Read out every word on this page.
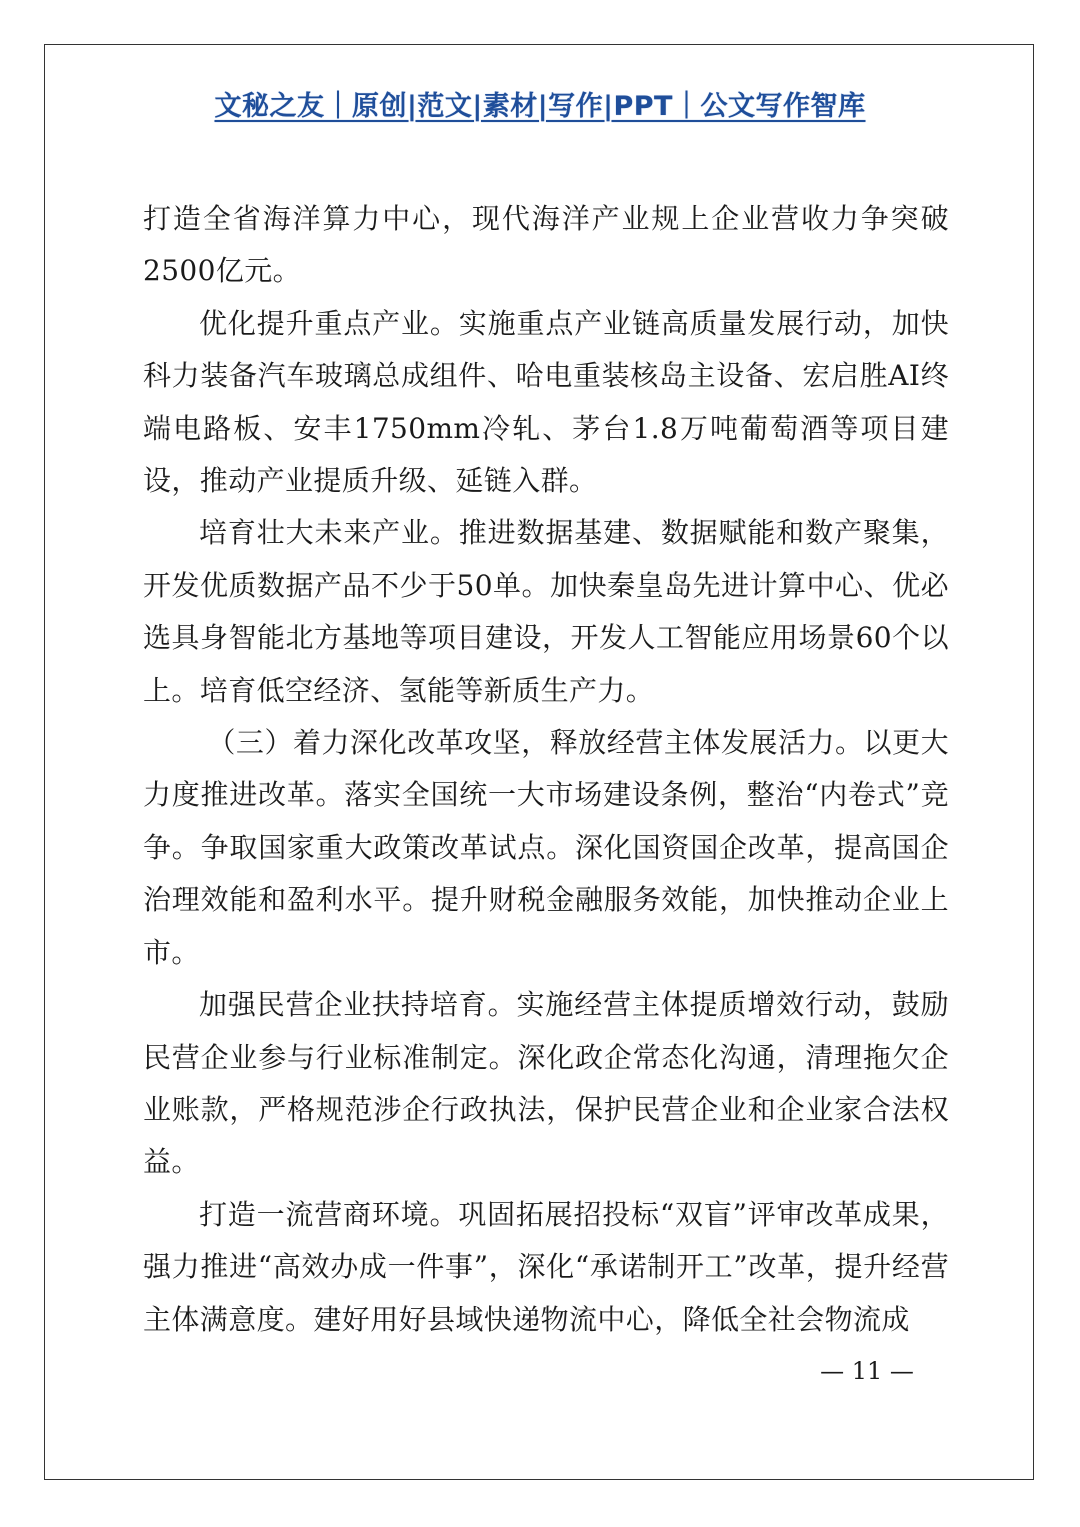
文秘之友｜原创|范文|素材|写作|PPT｜公文写作智库

打造全省海洋算力中心，现代海洋产业规上企业营收力争突破2500亿元。

优化提升重点产业。实施重点产业链高质量发展行动，加快科力装备汽车玻璃总成组件、哈电重装核岛主设备、宏启胜AI终端电路板、安丰1750mm冷轧、茅台1.8万吨葡萄酒等项目建设，推动产业提质升级、延链入群。

培育壮大未来产业。推进数据基建、数据赋能和数产聚集，开发优质数据产品不少于50单。加快秦皇岛先进计算中心、优必选具身智能北方基地等项目建设，开发人工智能应用场景60个以上。培育低空经济、氢能等新质生产力。

（三）着力深化改革攻坚，释放经营主体发展活力。以更大力度推进改革。落实全国统一大市场建设条例，整治“内卷式”竞争。争取国家重大政策改革试点。深化国资国企改革，提高国企治理效能和盈利水平。提升财税金融服务效能，加快推动企业上市。

加强民营企业扶持培育。实施经营主体提质增效行动，鼓励民营企业参与行业标准制定。深化政企常态化沟通，清理拖欠企业账款，严格规范涉企行政执法，保护民营企业和企业家合法权益。

打造一流营商环境。巩固拓展招投标“双盲”评审改革成果，强力推进“高效办成一件事”，深化“承诺制开工”改革，提升经营主体满意度。建好用好县域快递物流中心，降低全社会物流成

— 11 —
